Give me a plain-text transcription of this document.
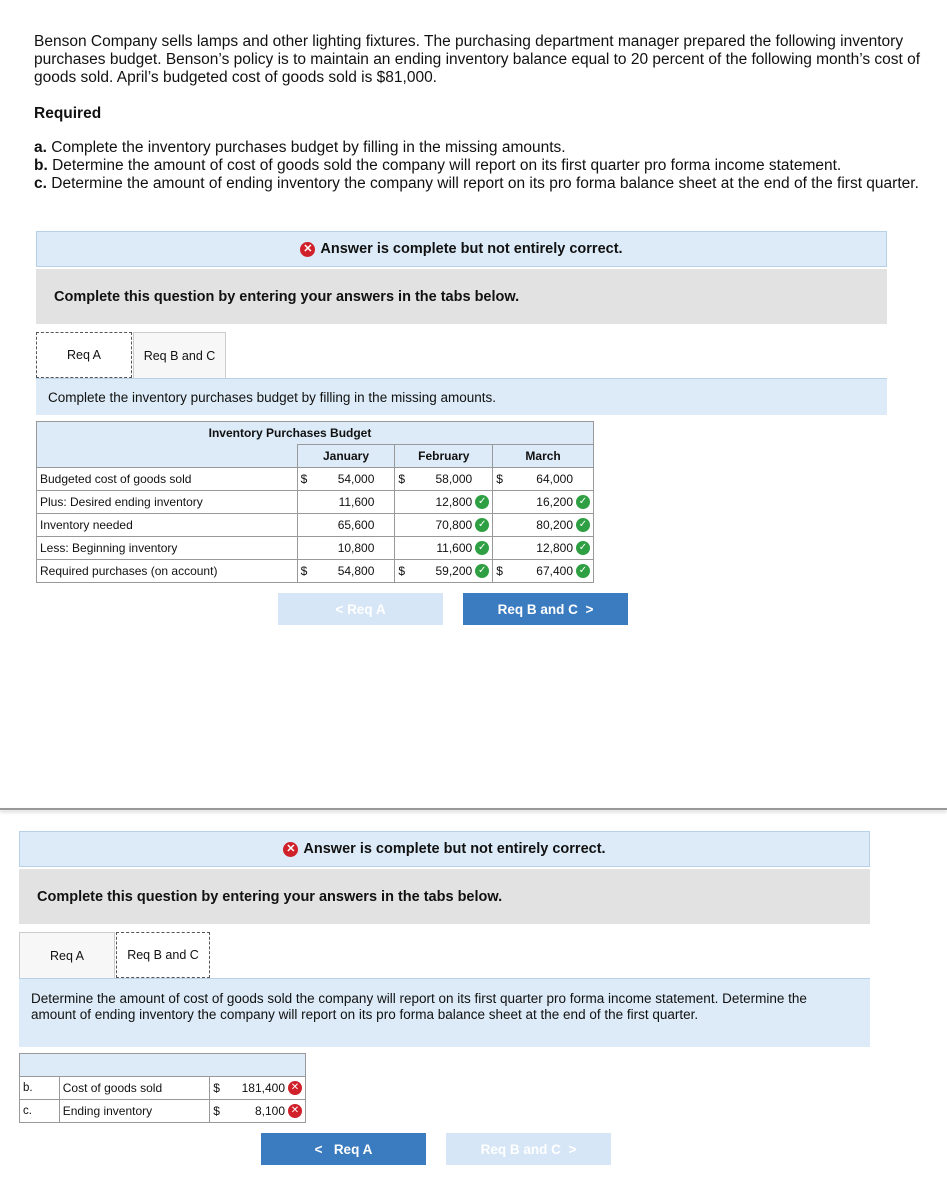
Benson Company sells lamps and other lighting fixtures. The purchasing department manager prepared the following inventory purchases budget. Benson’s policy is to maintain an ending inventory balance equal to 20 percent of the following month’s cost of goods sold. April’s budgeted cost of goods sold is $81,000.

Required
a. Complete the inventory purchases budget by filling in the missing amounts.
b. Determine the amount of cost of goods sold the company will report on its first quarter pro forma income statement.
c. Determine the amount of ending inventory the company will report on its pro forma balance sheet at the end of the first quarter.
✕ Answer is complete but not entirely correct.
Complete this question by entering your answers in the tabs below.
Req A	Req B and C
Complete the inventory purchases budget by filling in the missing amounts.
Inventory Purchases Budget			
	January	February	March
Budgeted cost of goods sold	$ 54,000	$ 58,000	$ 64,000

Plus: Desired ending inventory	11,600	12,800 ✓	16,200 ✓

Inventory needed	65,600	70,800 ✓	80,200 ✓

Less: Beginning inventory	10,800	11,600 ✓	12,800 ✓

Required purchases (on account)	$ 54,800	$ 59,200 ✓	$ 67,400 ✓
< Req A	Req B and C >
✕ Answer is complete but not entirely correct.
Complete this question by entering your answers in the tabs below.
Req A	Req B and C
Determine the amount of cost of goods sold the company will report on its first quarter pro forma income statement. Determine the amount of ending inventory the company will report on its pro forma balance sheet at the end of the first quarter.

b.	Cost of goods sold	$ 181,400 ✕

c.	Ending inventory	$ 8,100 ✕
< Req A	Req B and C >
